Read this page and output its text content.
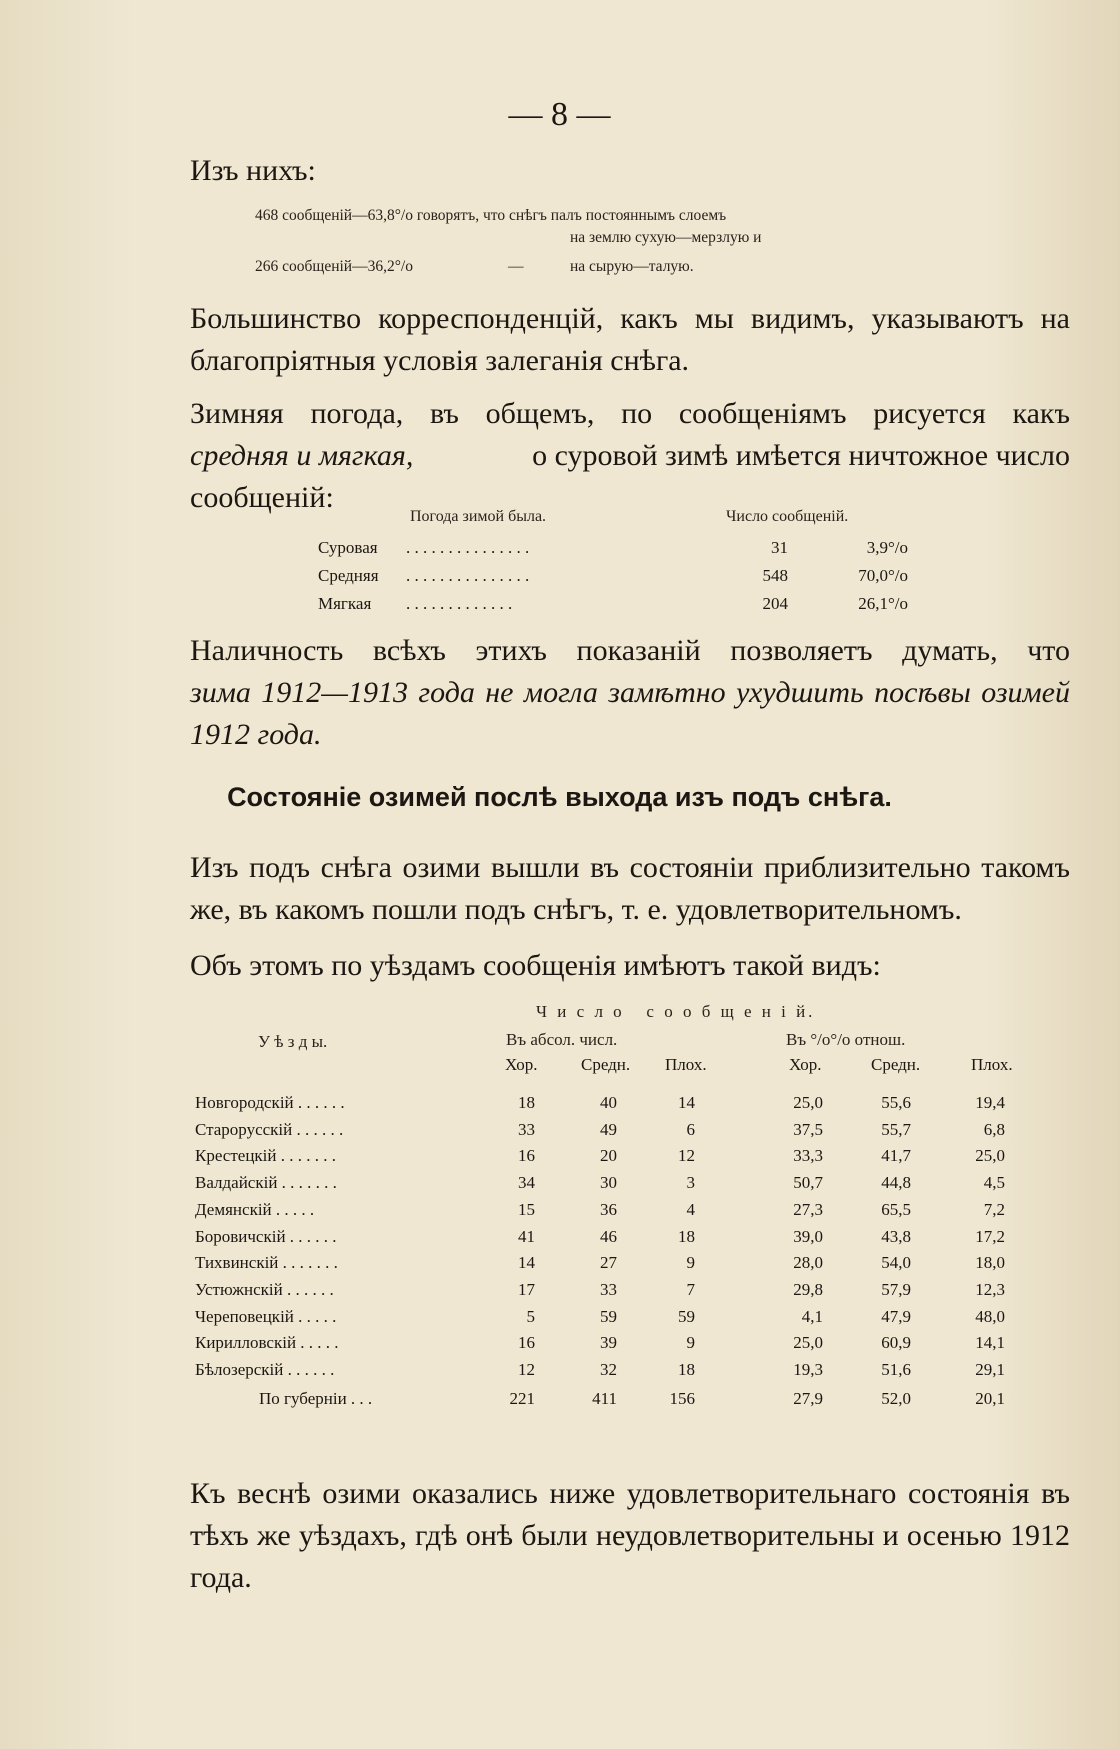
— 8 —
Изъ нихъ:
468 сообщеній—63,8°/о говорятъ, что снѣгъ палъ постояннымъ слоемъ
на землю сухую—мерзлую и
266 сообщеній—36,2°/о	—	на сырую—талую.
Большинство корреспонденцій, какъ мы видимъ, указываютъ на благопріятныя условія залеганія снѣга.
Зимняя погода, въ общемъ, по сообщеніямъ рисуется какъ
средняя и мягкая,	о суровой зимѣ имѣется ничтожное число
сообщеній:
Погода зимой была.	Число сообщеній.
Суровая . . . . . . . . . . . . . . .	31	3,9°/о
Средняя . . . . . . . . . . . . . . .	548	70,0°/о
Мягкая . . . . . . . . . . . . .	204	26,1°/о
Наличность всѣхъ этихъ показаній позволяетъ думать, что
зима 1912—1913 года не могла замѣтно ухудшить посѣвы озимей
1912 года.
Состояніе озимей послѣ выхода изъ подъ снѣга.
Изъ подъ снѣга озими вышли въ состояніи приблизительно такомъ же, въ какомъ пошли подъ снѣгъ, т. е. удовлетворительномъ.
Объ этомъ по уѣздамъ сообщенія имѣютъ такой видъ:
Ч и с л о   с о о б щ е н і й.
У ѣ з д ы.	Въ абсол. числ.	Въ °/о°/о отнош.
Хор.	Средн. Плох.	Хор.	Средн.	Плох.
Новгородскій . . . . . .	18	40	14	25,0	55,6	19,4
Старорусскій . . . . . .	33	49	6	37,5	55,7	6,8
Крестецкій . . . . . . .	16	20	12	33,3	41,7	25,0
Валдайскій . . . . . . .	34	30	3	50,7	44,8	4,5
Демянскій . . . . .	15	36	4	27,3	65,5	7,2
Боровичскій . . . . . .	41	46	18	39,0	43,8	17,2
Тихвинскій . . . . . . .	14	27	9	28,0	54,0	18,0
Устюжнскій . . . . . .	17	33	7	29,8	57,9	12,3
Череповецкій . . . . .	5	59	59	4,1	47,9	48,0
Кирилловскій . . . . .	16	39	9	25,0	60,9	14,1
Бѣлозерскій . . . . . .	12	32	18	19,3	51,6	29,1
По губерніи . . .	221	411	156	27,9	52,0	20,1
Къ веснѣ озими оказались ниже удовлетворительнаго состоянія въ тѣхъ же уѣздахъ, гдѣ онѣ были неудовлетворительны и осенью 1912 года.
